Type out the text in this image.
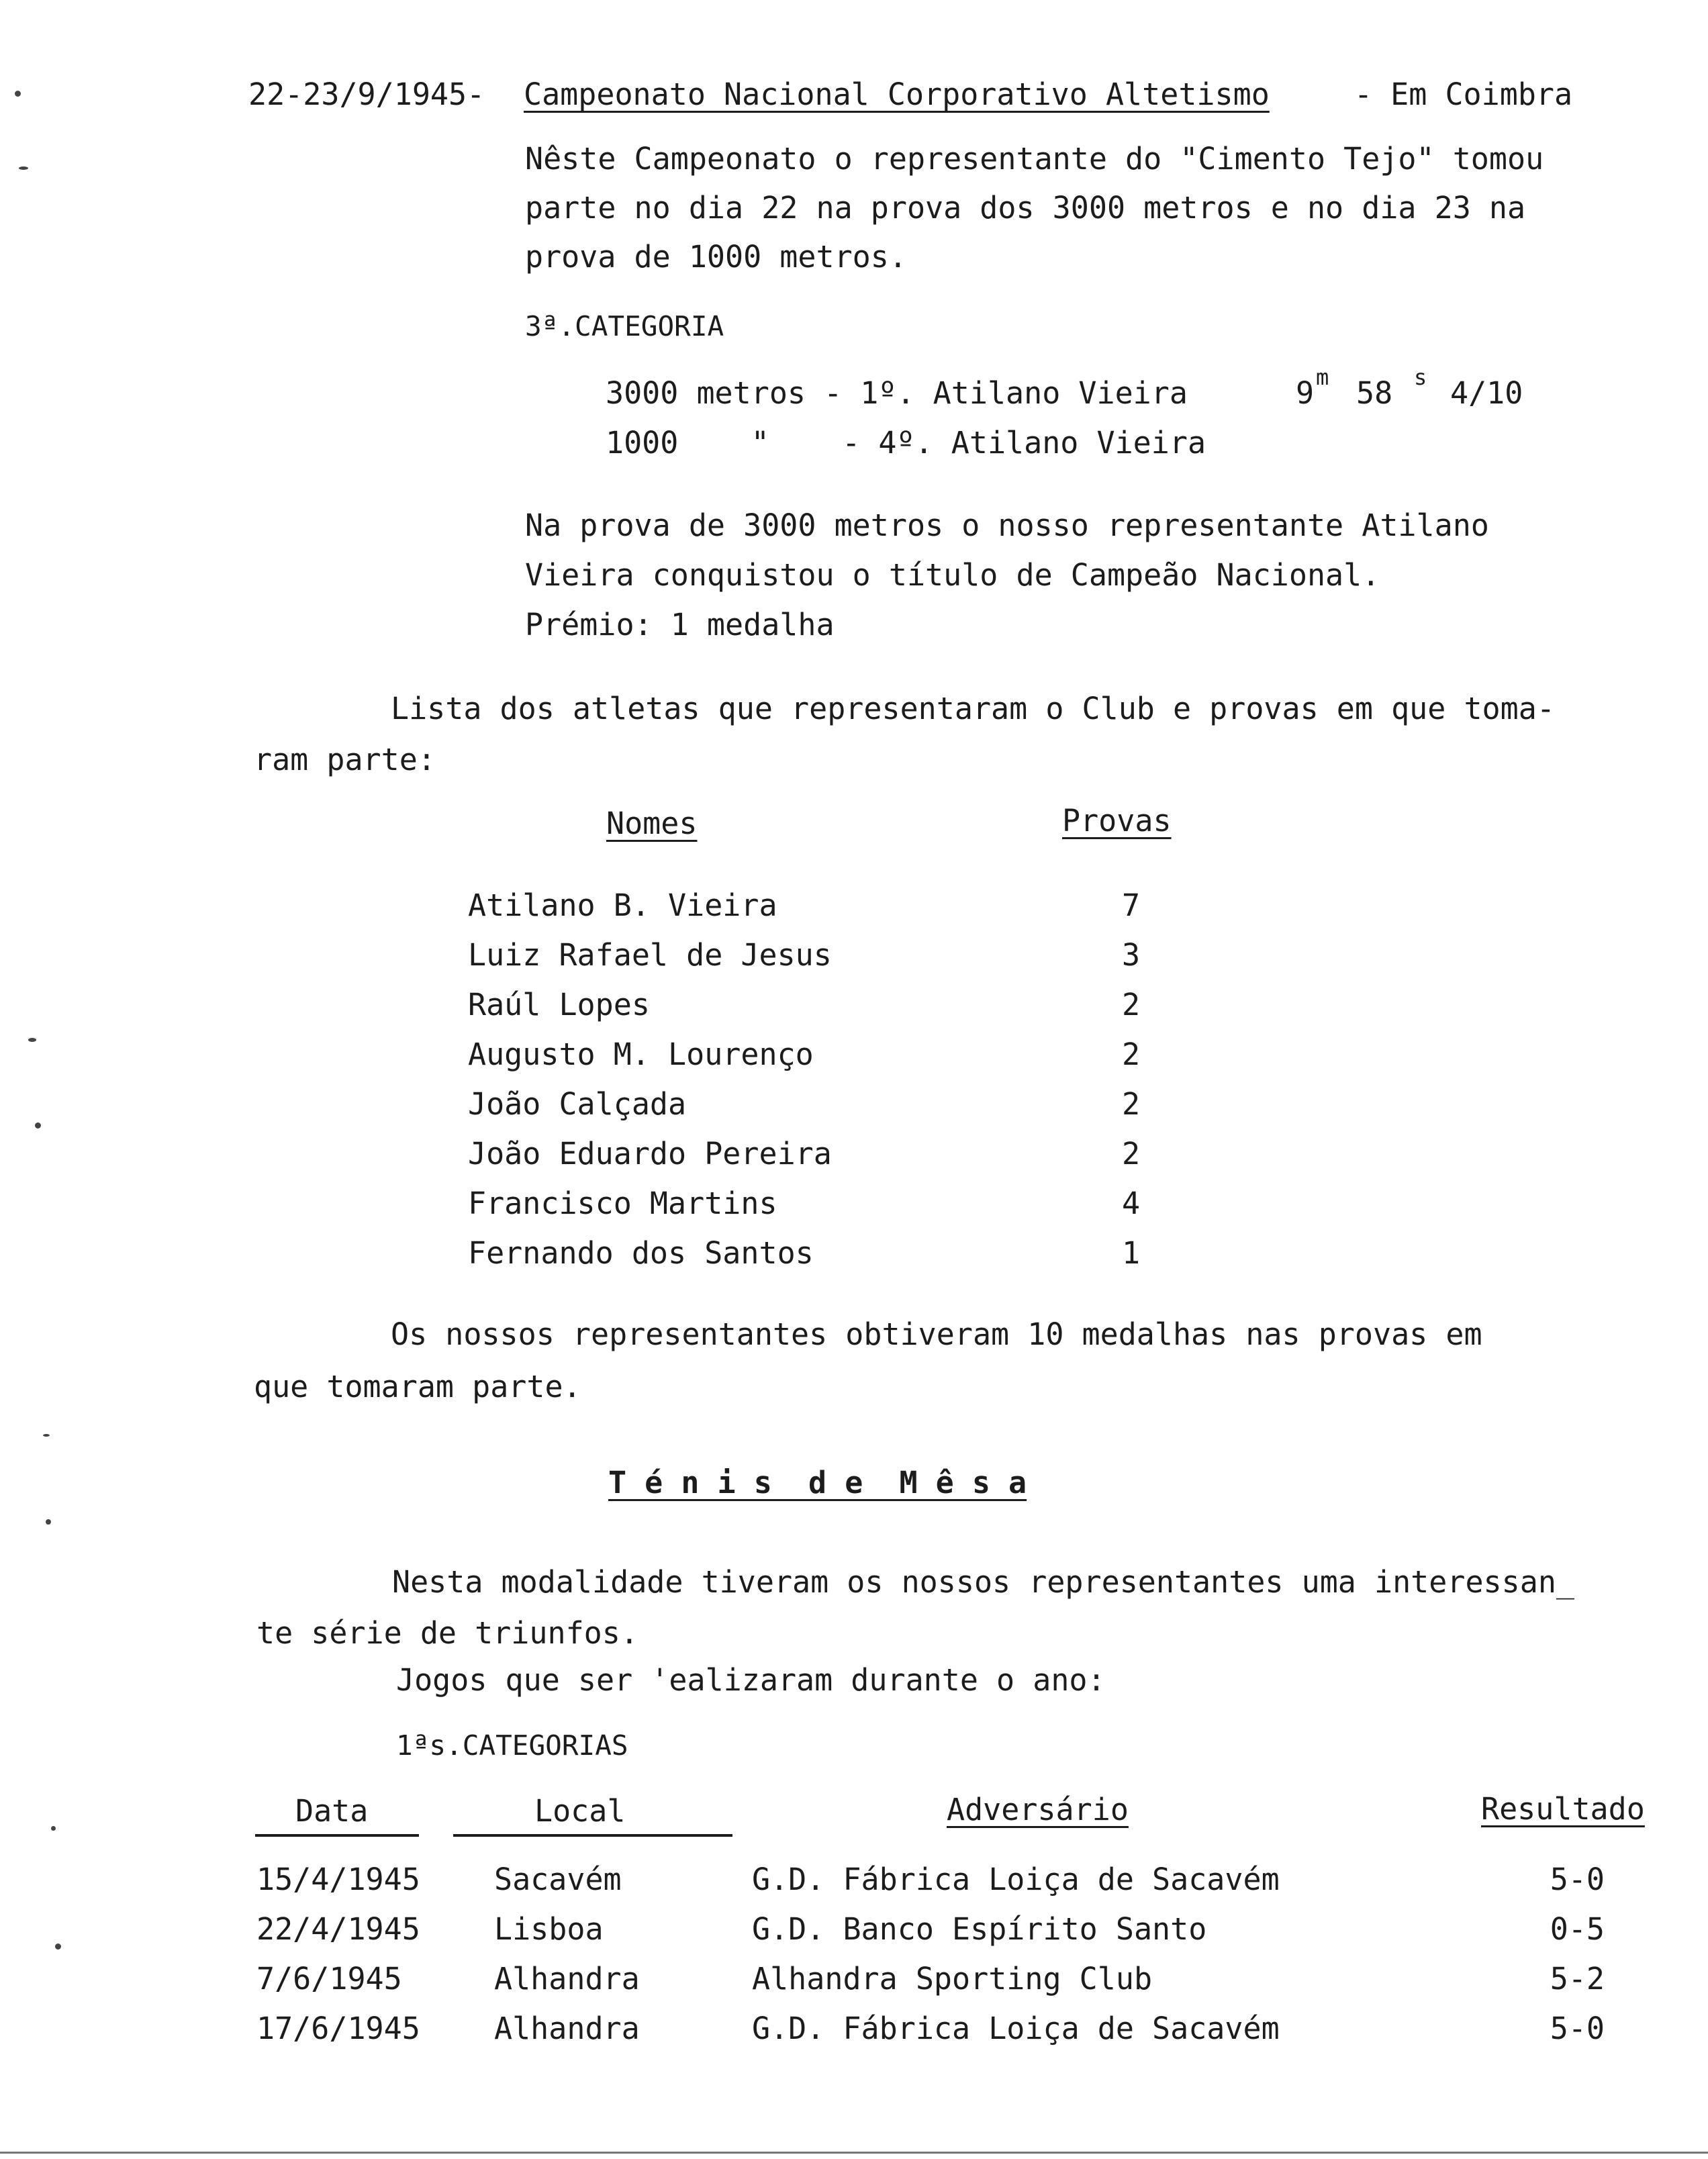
22-23/9/1945- Campeonato Nacional Corporativo Altetismo	- Em Coimbra
Nêste Campeonato o representante do "Cimento Tejo" tomou
parte no dia 22 na prova dos 3000 metros e no dia 23 na
prova de 1000 metros.
3ª.CATEGORIA
3000 metros - 1º. Atilano Vieira	9 m 58 s 4/10
1000    "    - 4º. Atilano Vieira
Na prova de 3000 metros o nosso representante Atilano
Vieira conquistou o título de Campeão Nacional.
Prémio: 1 medalha
Lista dos atletas que representaram o Club e provas em que toma-
ram parte:
Nomes	Provas
Atilano B. Vieira	7
Luiz Rafael de Jesus	3
Raúl Lopes	2
Augusto M. Lourenço	2
João Calçada	2
João Eduardo Pereira	2
Francisco Martins	4
Fernando dos Santos	1
Os nossos representantes obtiveram 10 medalhas nas provas em
que tomaram parte.
T é n i s  d e  M ê s a
Nesta modalidade tiveram os nossos representantes uma interessan_
te série de triunfos.
Jogos que ser 'ealizaram durante o ano:
1ªs.CATEGORIAS
Data	Local	Adversário	Resultado
15/4/1945 Sacavém	G.D. Fábrica Loiça de Sacavém	5-0
22/4/1945 Lisboa	G.D. Banco Espírito Santo	0-5
7/6/1945	Alhandra	Alhandra Sporting Club	5-2
17/6/1945 Alhandra	G.D. Fábrica Loiça de Sacavém	5-0
